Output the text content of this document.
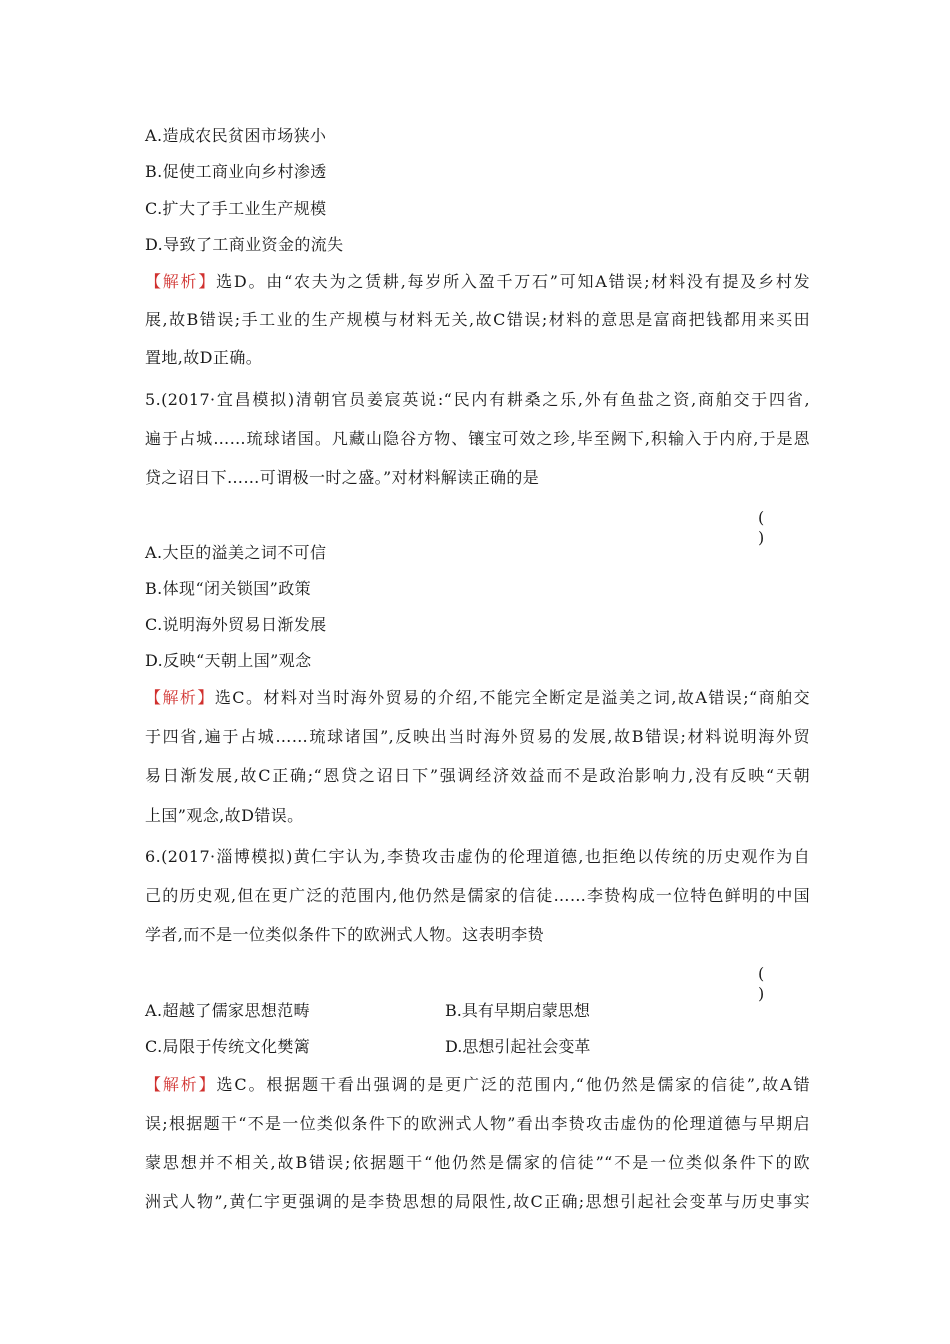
A.造成农民贫困市场狭小
B.促使工商业向乡村渗透
C.扩大了手工业生产规模
D.导致了工商业资金的流失
【解析】选D。由“农夫为之赁耕,每岁所入盈千万石”可知A错误;材料没有提及乡村发
展,故B错误;手工业的生产规模与材料无关,故C错误;材料的意思是富商把钱都用来买田
置地,故D正确。
5.(2017·宜昌模拟)清朝官员姜宸英说:“民内有耕桑之乐,外有鱼盐之资,商舶交于四省,
遍于占城……琉球诸国。凡藏山隐谷方物、镶宝可效之珍,毕至阙下,积输入于内府,于是恩
贷之诏日下……可谓极一时之盛。”对材料解读正确的是
( )
A.大臣的溢美之词不可信
B.体现“闭关锁国”政策
C.说明海外贸易日渐发展
D.反映“天朝上国”观念
【解析】选C。材料对当时海外贸易的介绍,不能完全断定是溢美之词,故A错误;“商舶交
于四省,遍于占城……琉球诸国”,反映出当时海外贸易的发展,故B错误;材料说明海外贸
易日渐发展,故C正确;“恩贷之诏日下”强调经济效益而不是政治影响力,没有反映“天朝
上国”观念,故D错误。
6.(2017·淄博模拟)黄仁宇认为,李贽攻击虚伪的伦理道德,也拒绝以传统的历史观作为自
己的历史观,但在更广泛的范围内,他仍然是儒家的信徒……李贽构成一位特色鲜明的中国
学者,而不是一位类似条件下的欧洲式人物。这表明李贽
( )
A.超越了儒家思想范畴	B.具有早期启蒙思想
C.局限于传统文化樊篱	D.思想引起社会变革
【解析】选C。根据题干看出强调的是更广泛的范围内,“他仍然是儒家的信徒”,故A错
误;根据题干“不是一位类似条件下的欧洲式人物”看出李贽攻击虚伪的伦理道德与早期启
蒙思想并不相关,故B错误;依据题干“他仍然是儒家的信徒”“不是一位类似条件下的欧
洲式人物”,黄仁宇更强调的是李贽思想的局限性,故C正确;思想引起社会变革与历史事实
